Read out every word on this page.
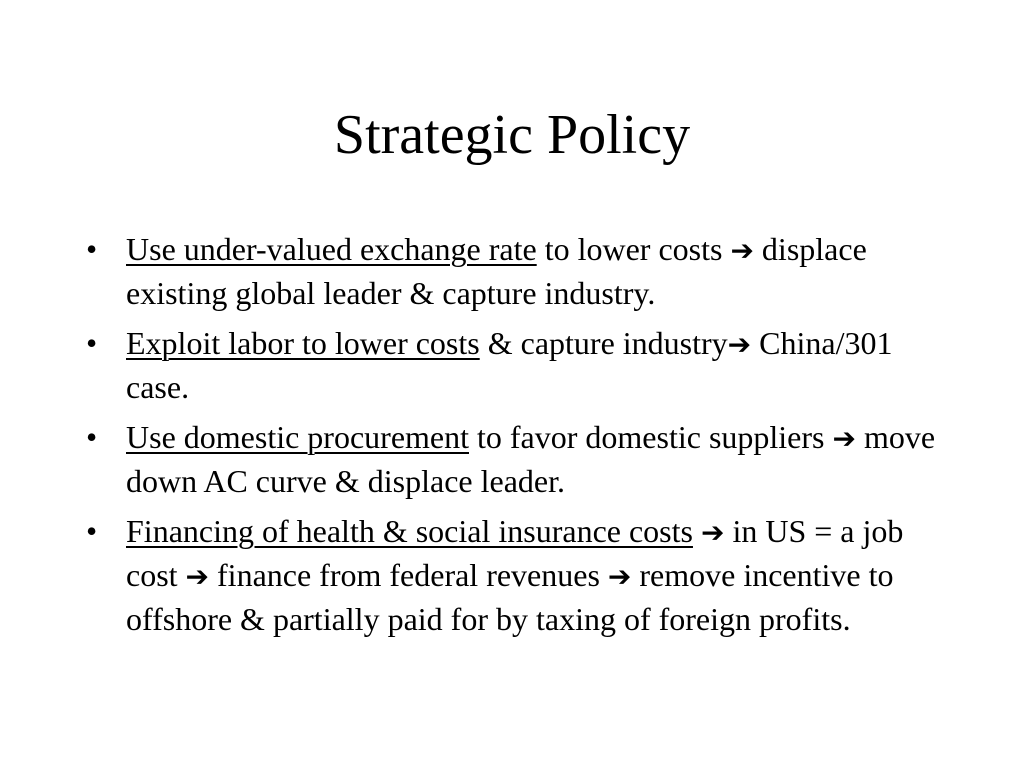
Strategic Policy
• Use under-valued exchange rate to lower costs ➔ displace existing global leader & capture industry.
• Exploit labor to lower costs & capture industry➔ China/301 case.
• Use domestic procurement to favor domestic suppliers ➔ move down AC curve & displace leader.
• Financing of health & social insurance costs ➔ in US = a job cost ➔ finance from federal revenues ➔ remove incentive to offshore & partially paid for by taxing of foreign profits.
